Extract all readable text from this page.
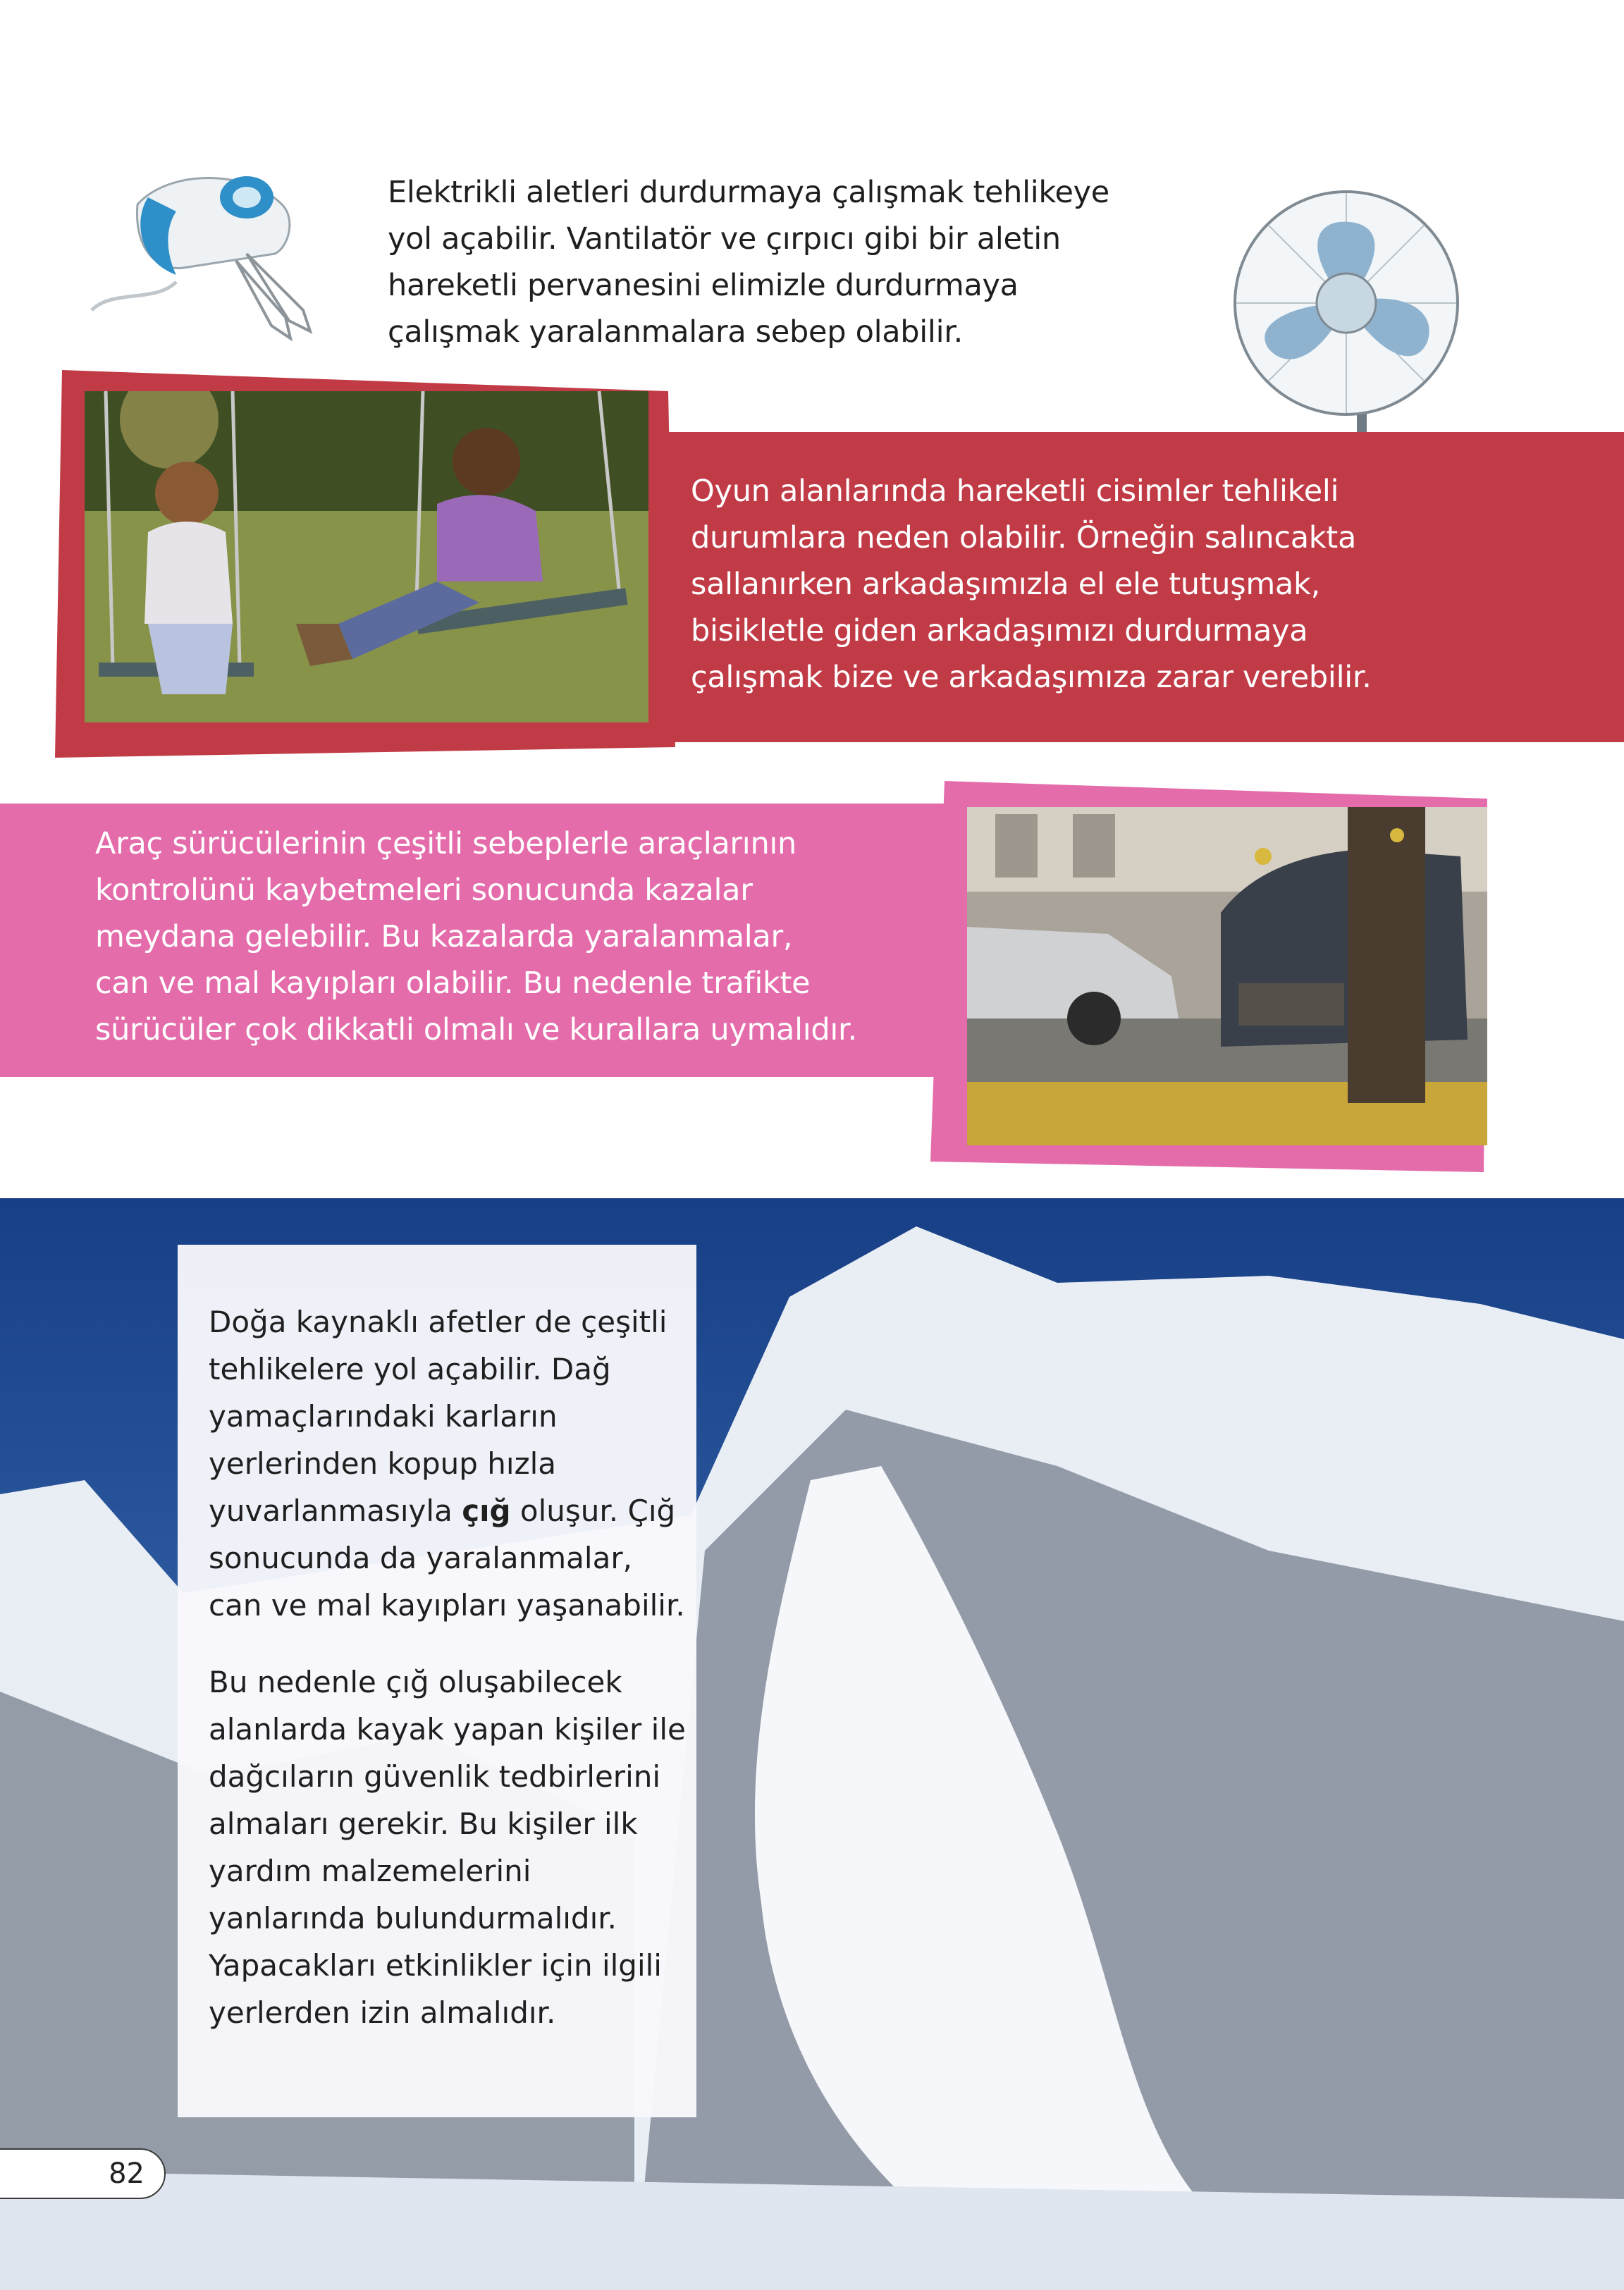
Elektrikli aletleri durdurmaya çalışmak tehlikeye

yol açabilir. Vantilatör ve çırpıcı gibi bir aletin

hareketli pervanesini elimizle durdurmaya

çalışmak yaralanmalara sebep olabilir.

Oyun alanlarında hareketli cisimler tehlikeli

durumlara neden olabilir. Örneğin salıncakta

sallanırken arkadaşımızla el ele tutuşmak,

bisikletle giden arkadaşımızı durdurmaya

çalışmak bize ve arkadaşımıza zarar verebilir.

Araç sürücülerinin çeşitli sebeplerle araçlarının

kontrolünü kaybetmeleri sonucunda kazalar

meydana gelebilir. Bu kazalarda yaralanmalar,

can ve mal kayıpları olabilir. Bu nedenle trafikte

sürücüler çok dikkatli olmalı ve kurallara uymalıdır.

Doğa kaynaklı afetler de çeşitli tehlikelere yol açabilir. Dağ yamaçlarındaki karların yerlerinden kopup hızla yuvarlanmasıyla çığ oluşur. Çığ sonucunda da yaralanmalar, can ve mal kayıpları yaşanabilir.

Bu nedenle çığ oluşabilecek alanlarda kayak yapan kişiler ile dağcıların güvenlik tedbirlerini almaları gerekir. Bu kişiler ilk yardım malzemelerini yanlarında bulundurmalıdır. Yapacakları etkinlikler için ilgili yerlerden izin almalıdır.

82
